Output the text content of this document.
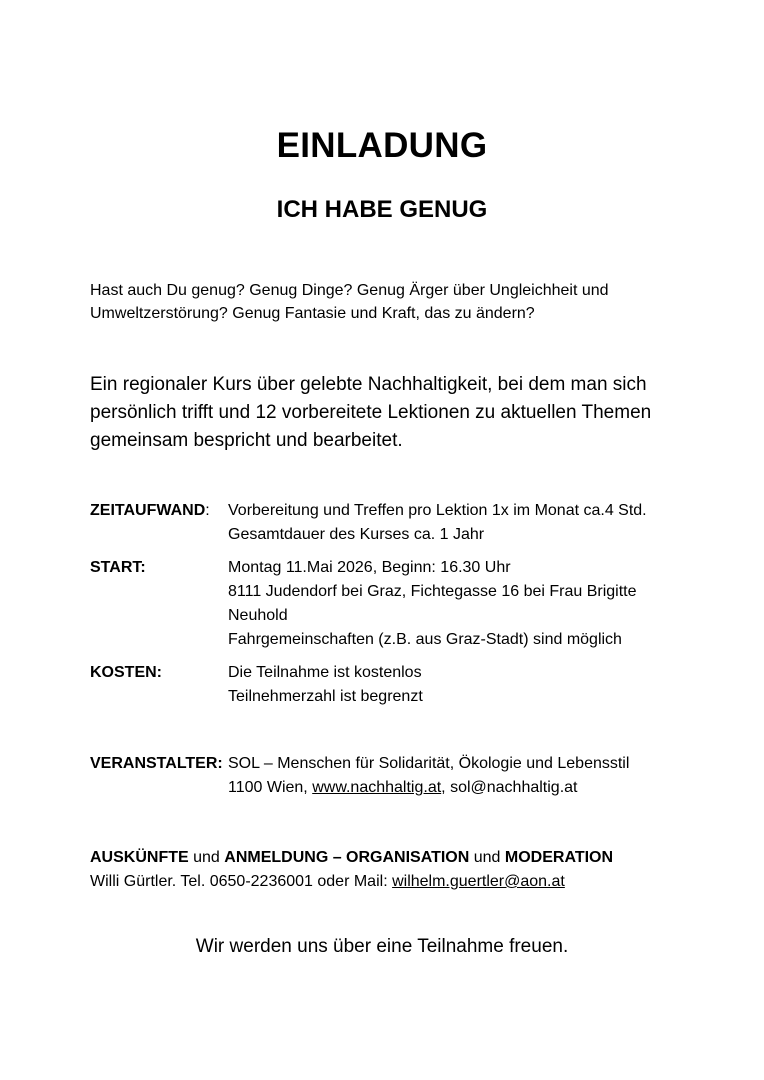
EINLADUNG
ICH HABE GENUG
Hast auch Du genug? Genug Dinge? Genug Ärger über Ungleichheit und
Umweltzerstörung? Genug Fantasie und Kraft, das zu ändern?
Ein regionaler Kurs über gelebte Nachhaltigkeit, bei dem man sich
persönlich trifft und 12 vorbereitete Lektionen zu aktuellen Themen
gemeinsam bespricht und bearbeitet.
ZEITAUFWAND: Vorbereitung und Treffen pro Lektion 1x im Monat ca.4 Std.
Gesamtdauer des Kurses ca. 1 Jahr
START:	Montag 11.Mai 2026, Beginn: 16.30 Uhr
8111 Judendorf bei Graz, Fichtegasse 16 bei Frau Brigitte
Neuhold
Fahrgemeinschaften (z.B. aus Graz-Stadt) sind möglich
KOSTEN:	Die Teilnahme ist kostenlos
Teilnehmerzahl ist begrenzt
VERANSTALTER: SOL – Menschen für Solidarität, Ökologie und Lebensstil
1100 Wien, www.nachhaltig.at, sol@nachhaltig.at
AUSKÜNFTE und ANMELDUNG – ORGANISATION und MODERATION
Willi Gürtler. Tel. 0650-2236001 oder Mail: wilhelm.guertler@aon.at
Wir werden uns über eine Teilnahme freuen.
